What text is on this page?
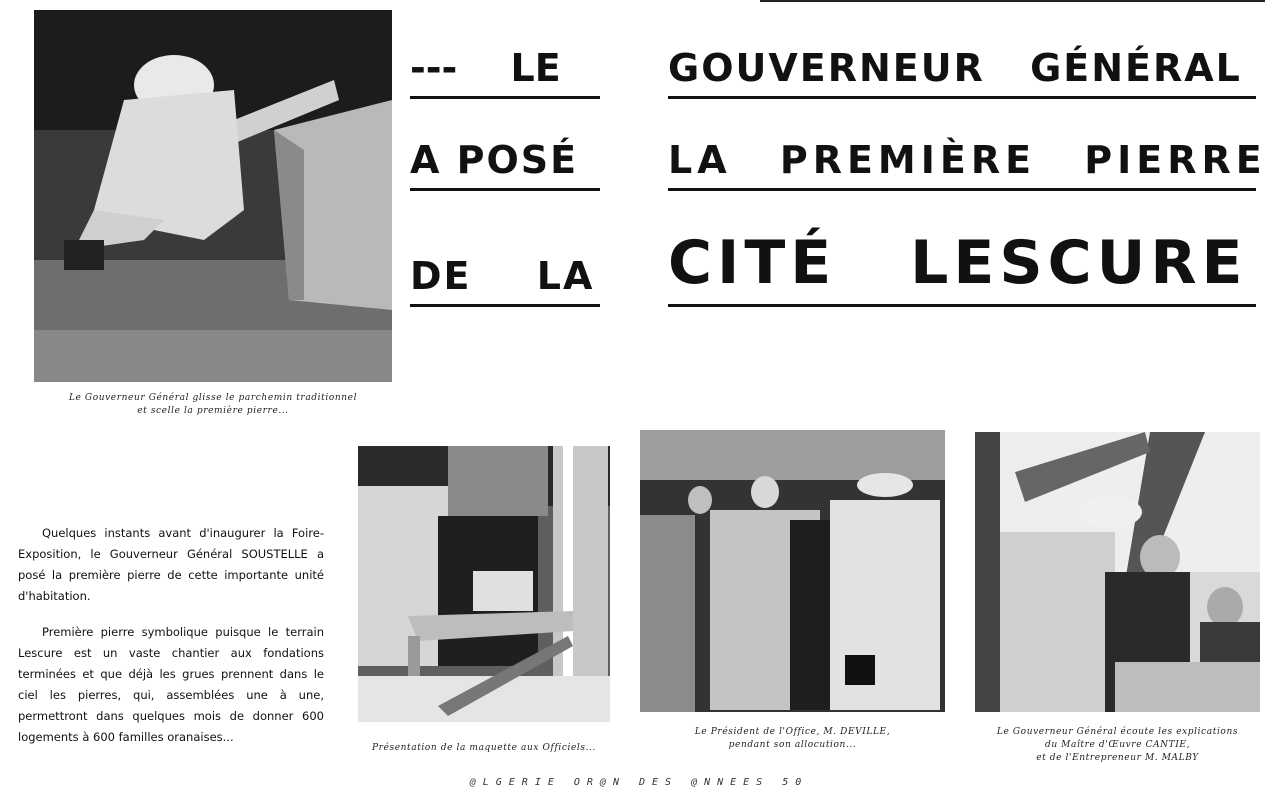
Le Gouverneur Général glisse le parchemin traditionnel
et scelle la première pierre...
--- LE	GOUVERNEUR GÉNÉRAL
A POSÉ LA PREMIÈRE PIERRE
DE LA CITÉ LESCURE

Quelques instants avant d'inaugurer la Foire-Exposition, le Gouverneur Général SOUSTELLE a posé la première pierre de cette importante unité d'habitation.

Première pierre symbolique puisque le terrain Lescure est un vaste chantier aux fondations terminées et que déjà les grues prennent dans le ciel les pierres, qui, assemblées une à une, permettront dans quelques mois de donner 600 logements à 600 familles oranaises...

Présentation de la maquette aux Officiels...
Le Président de l'Office, M. DEVILLE,
pendant son allocution...
Le Gouverneur Général écoute les explications
du Maître d'Œuvre CANTIE,
et de l'Entrepreneur M. MALBY
@LGERIE OR@N DES @NNEES 50
